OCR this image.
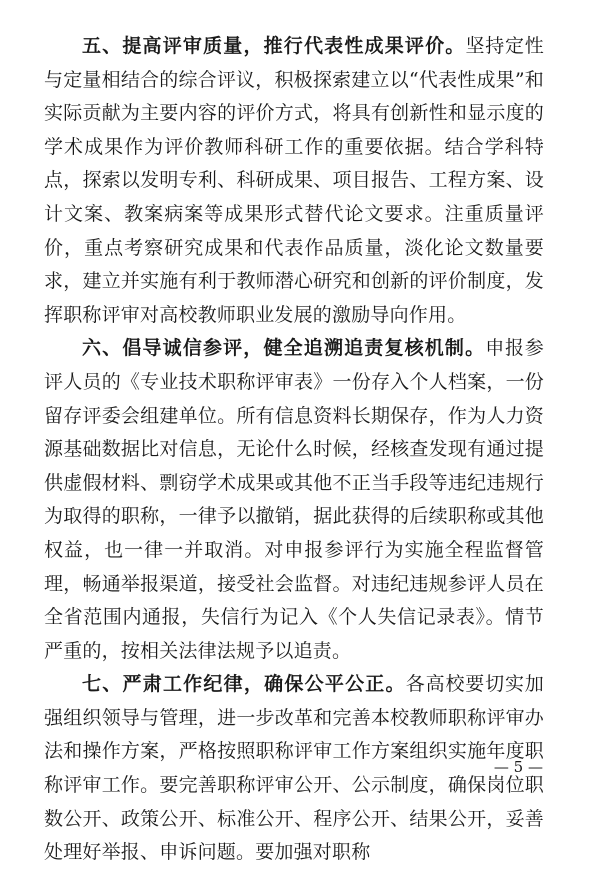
五、提高评审质量，推行代表性成果评价。坚持定性与定量相结合的综合评议，积极探索建立以“代表性成果”和实际贡献为主要内容的评价方式，将具有创新性和显示度的学术成果作为评价教师科研工作的重要依据。结合学科特点，探索以发明专利、科研成果、项目报告、工程方案、设计文案、教案病案等成果形式替代论文要求。注重质量评价，重点考察研究成果和代表作品质量，淡化论文数量要求，建立并实施有利于教师潜心研究和创新的评价制度，发挥职称评审对高校教师职业发展的激励导向作用。

六、倡导诚信参评，健全追溯追责复核机制。申报参评人员的《专业技术职称评审表》一份存入个人档案，一份留存评委会组建单位。所有信息资料长期保存，作为人力资源基础数据比对信息，无论什么时候，经核查发现有通过提供虚假材料、剽窃学术成果或其他不正当手段等违纪违规行为取得的职称，一律予以撤销，据此获得的后续职称或其他权益，也一律一并取消。对申报参评行为实施全程监督管理，畅通举报渠道，接受社会监督。对违纪违规参评人员在全省范围内通报，失信行为记入《个人失信记录表》。情节严重的，按相关法律法规予以追责。

七、严肃工作纪律，确保公平公正。各高校要切实加强组织领导与管理，进一步改革和完善本校教师职称评审办法和操作方案，严格按照职称评审工作方案组织实施年度职称评审工作。要完善职称评审公开、公示制度，确保岗位职数公开、政策公开、标准公开、程序公开、结果公开，妥善处理好举报、申诉问题。要加强对职称

— 5 —
